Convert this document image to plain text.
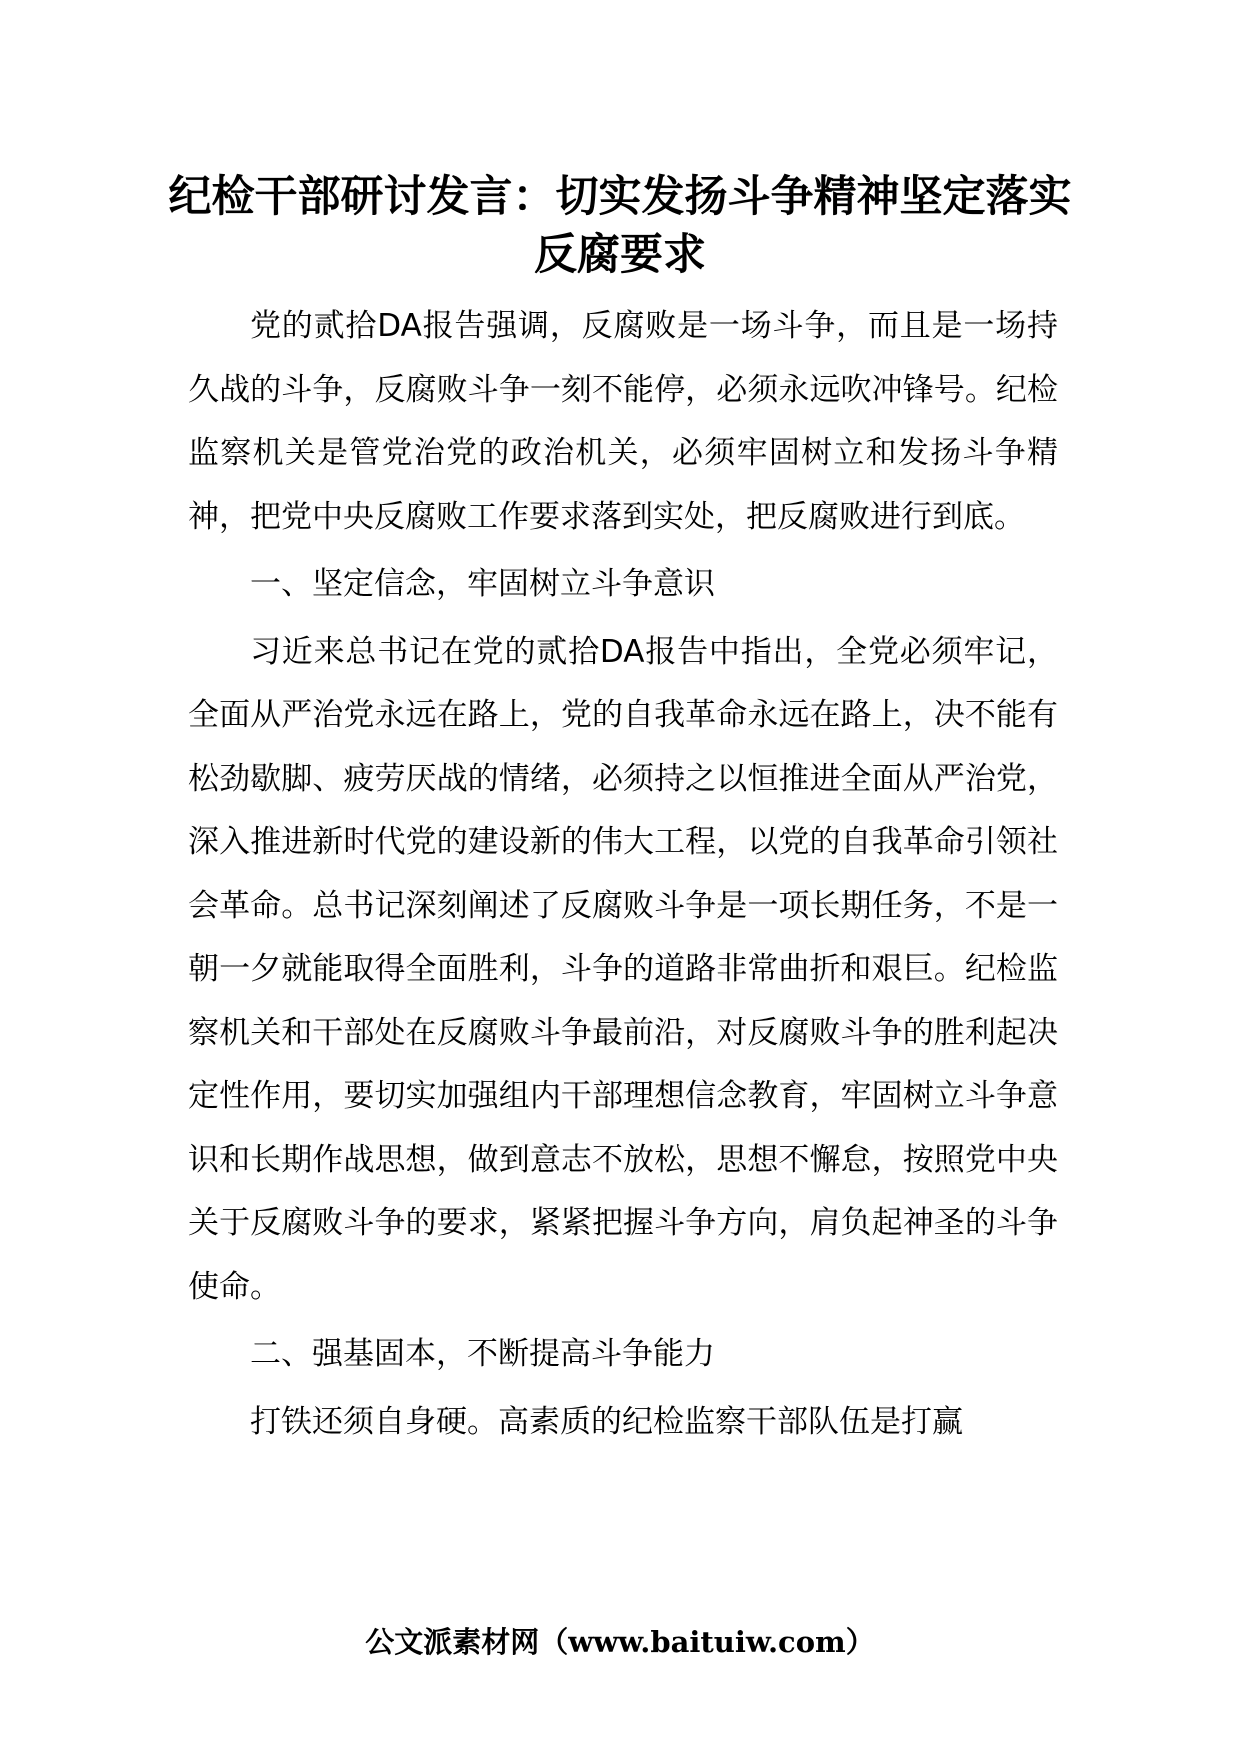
纪检干部研讨发言：切实发扬斗争精神坚定落实反腐要求

党的贰拾DA报告强调，反腐败是一场斗争，而且是一场持久战的斗争，反腐败斗争一刻不能停，必须永远吹冲锋号。纪检监察机关是管党治党的政治机关，必须牢固树立和发扬斗争精神，把党中央反腐败工作要求落到实处，把反腐败进行到底。

一、坚定信念，牢固树立斗争意识

习近来总书记在党的贰拾DA报告中指出，全党必须牢记，全面从严治党永远在路上，党的自我革命永远在路上，决不能有松劲歇脚、疲劳厌战的情绪，必须持之以恒推进全面从严治党，深入推进新时代党的建设新的伟大工程，以党的自我革命引领社会革命。总书记深刻阐述了反腐败斗争是一项长期任务，不是一朝一夕就能取得全面胜利，斗争的道路非常曲折和艰巨。纪检监察机关和干部处在反腐败斗争最前沿，对反腐败斗争的胜利起决定性作用，要切实加强组内干部理想信念教育，牢固树立斗争意识和长期作战思想，做到意志不放松，思想不懈怠，按照党中央关于反腐败斗争的要求，紧紧把握斗争方向，肩负起神圣的斗争使命。

二、强基固本，不断提高斗争能力

打铁还须自身硬。高素质的纪检监察干部队伍是打赢

公文派素材网（www.baituiw.com）
